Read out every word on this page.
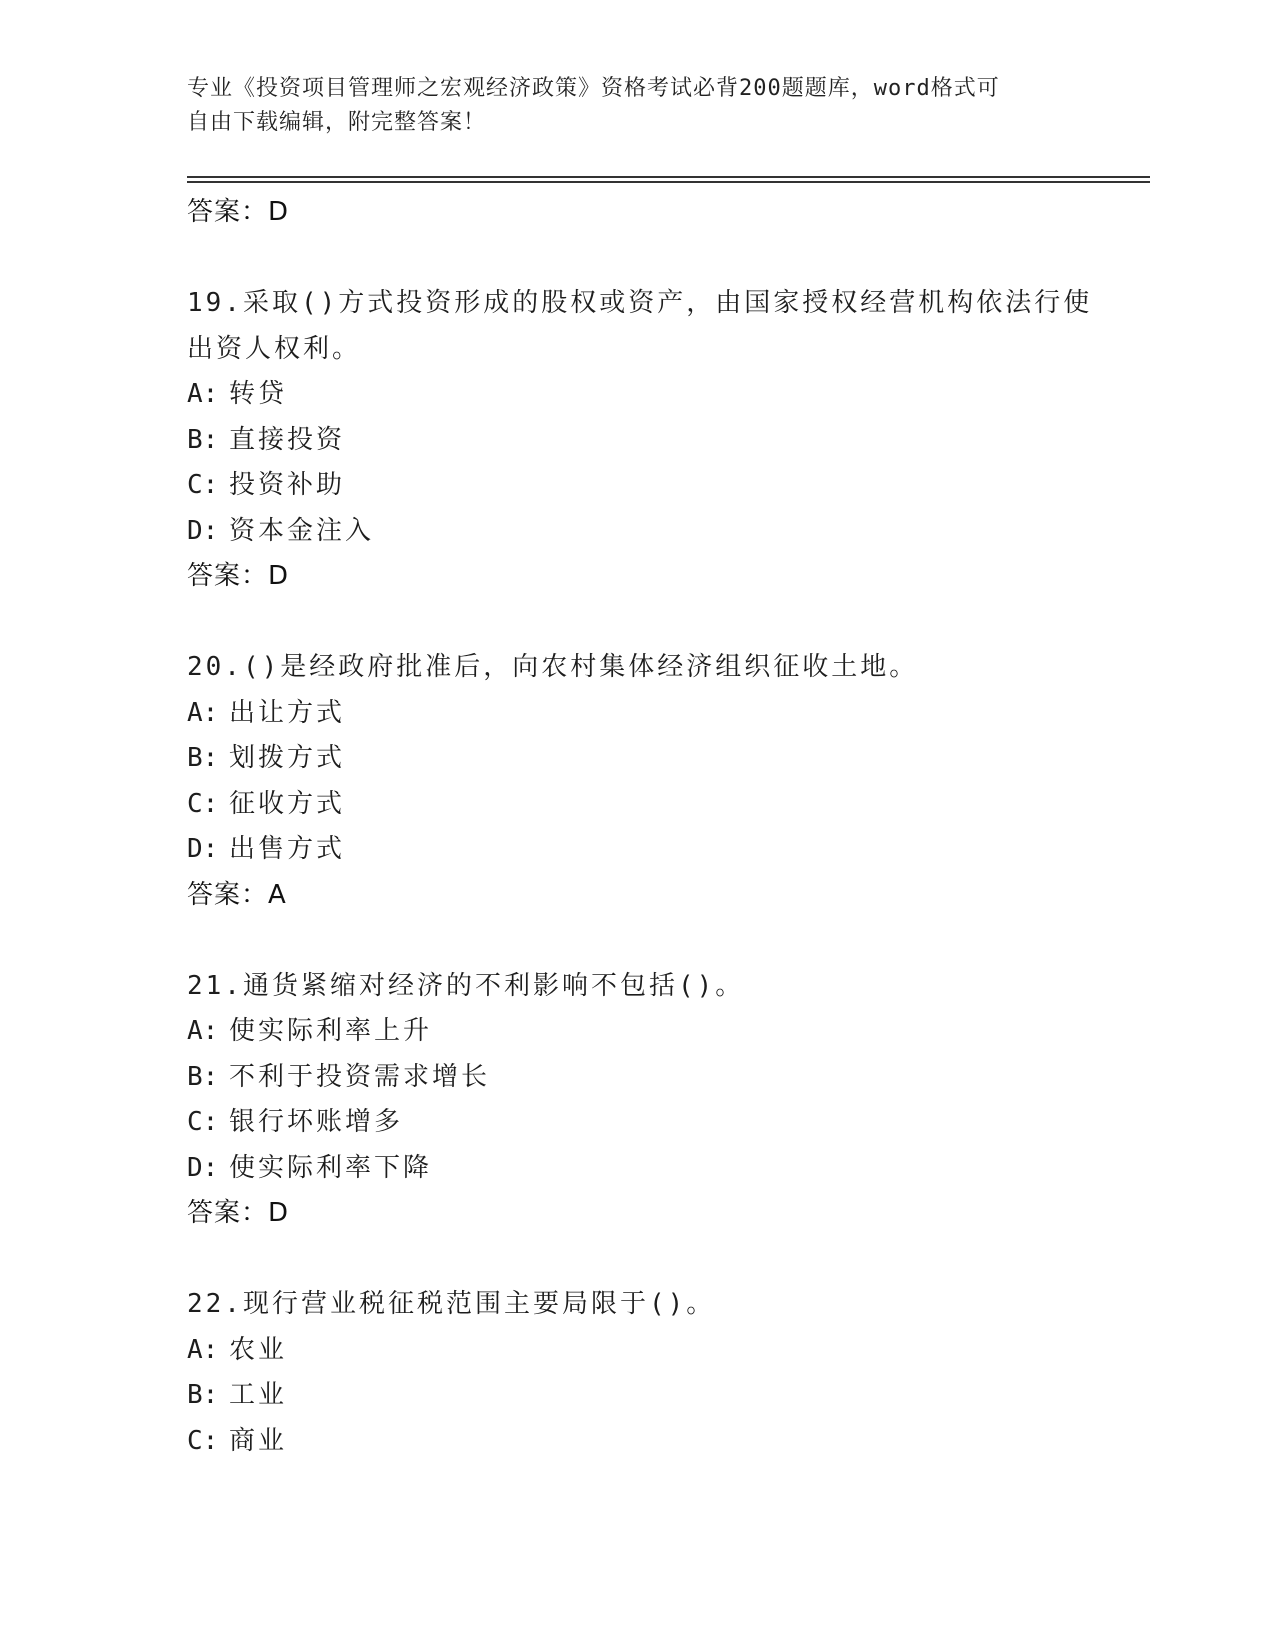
专业《投资项目管理师之宏观经济政策》资格考试必背200题题库，word格式可
自由下载编辑，附完整答案！
答案：D
19.采取()方式投资形成的股权或资产，由国家授权经营机构依法行使
出资人权利。
A: 转贷
B: 直接投资
C: 投资补助
D: 资本金注入
答案：D
20.()是经政府批准后，向农村集体经济组织征收土地。
A: 出让方式
B: 划拨方式
C: 征收方式
D: 出售方式
答案：A
21.通货紧缩对经济的不利影响不包括()。
A: 使实际利率上升
B: 不利于投资需求增长
C: 银行坏账增多
D: 使实际利率下降
答案：D
22.现行营业税征税范围主要局限于()。
A: 农业
B: 工业
C: 商业
